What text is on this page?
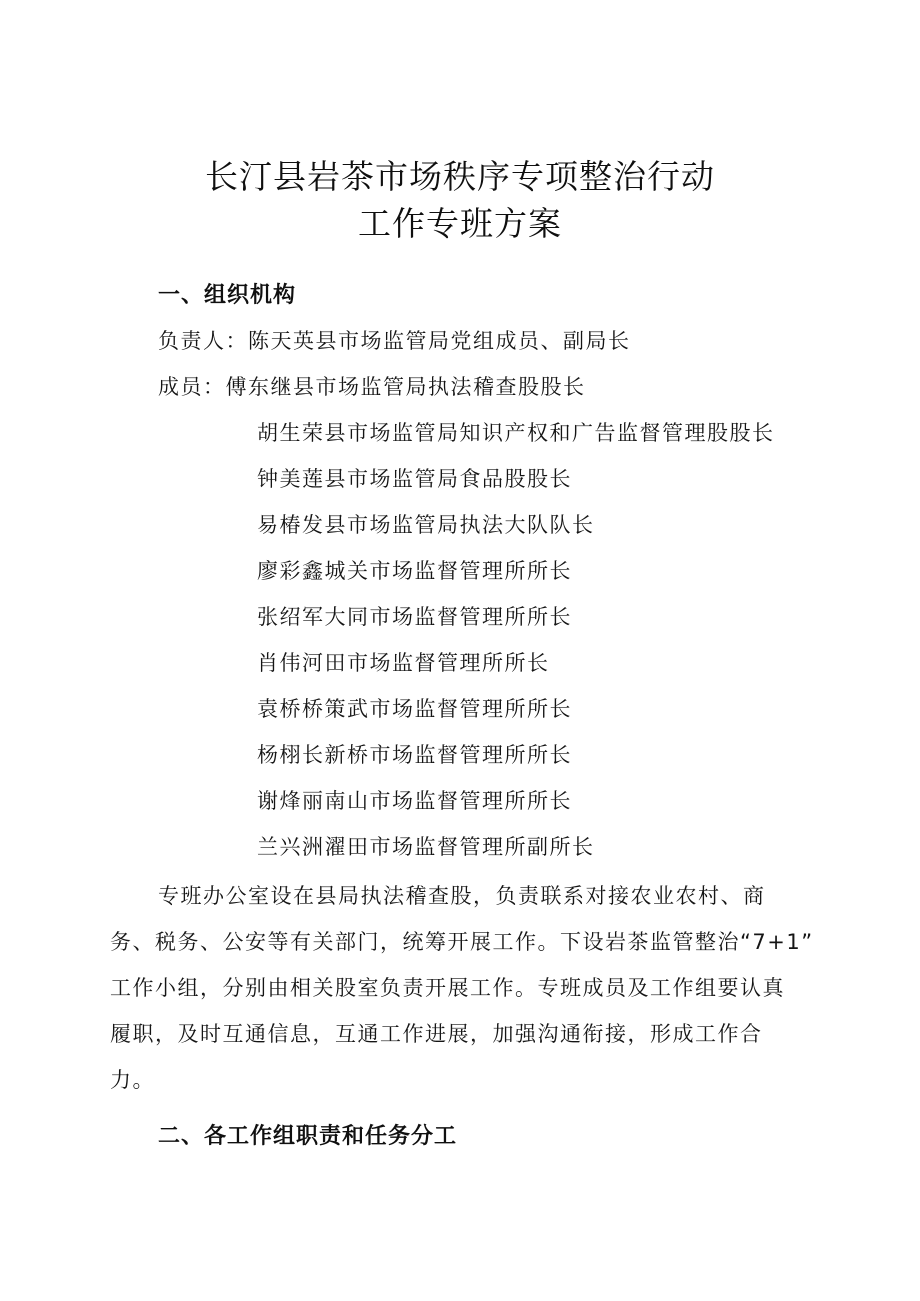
长汀县岩茶市场秩序专项整治行动
工作专班方案
一、组织机构
负责人：陈天英县市场监管局党组成员、副局长
成员：傅东继县市场监管局执法稽查股股长
胡生荣县市场监管局知识产权和广告监督管理股股长
钟美莲县市场监管局食品股股长
易椿发县市场监管局执法大队队长
廖彩鑫城关市场监督管理所所长
张绍军大同市场监督管理所所长
肖伟河田市场监督管理所所长
袁桥桥策武市场监督管理所所长
杨栩长新桥市场监督管理所所长
谢烽丽南山市场监督管理所所长
兰兴洲濯田市场监督管理所副所长
专班办公室设在县局执法稽查股，负责联系对接农业农村、商
务、税务、公安等有关部门，统筹开展工作。下设岩茶监管整治“7+1”
工作小组，分别由相关股室负责开展工作。专班成员及工作组要认真
履职，及时互通信息，互通工作进展，加强沟通衔接，形成工作合
力。
二、各工作组职责和任务分工
